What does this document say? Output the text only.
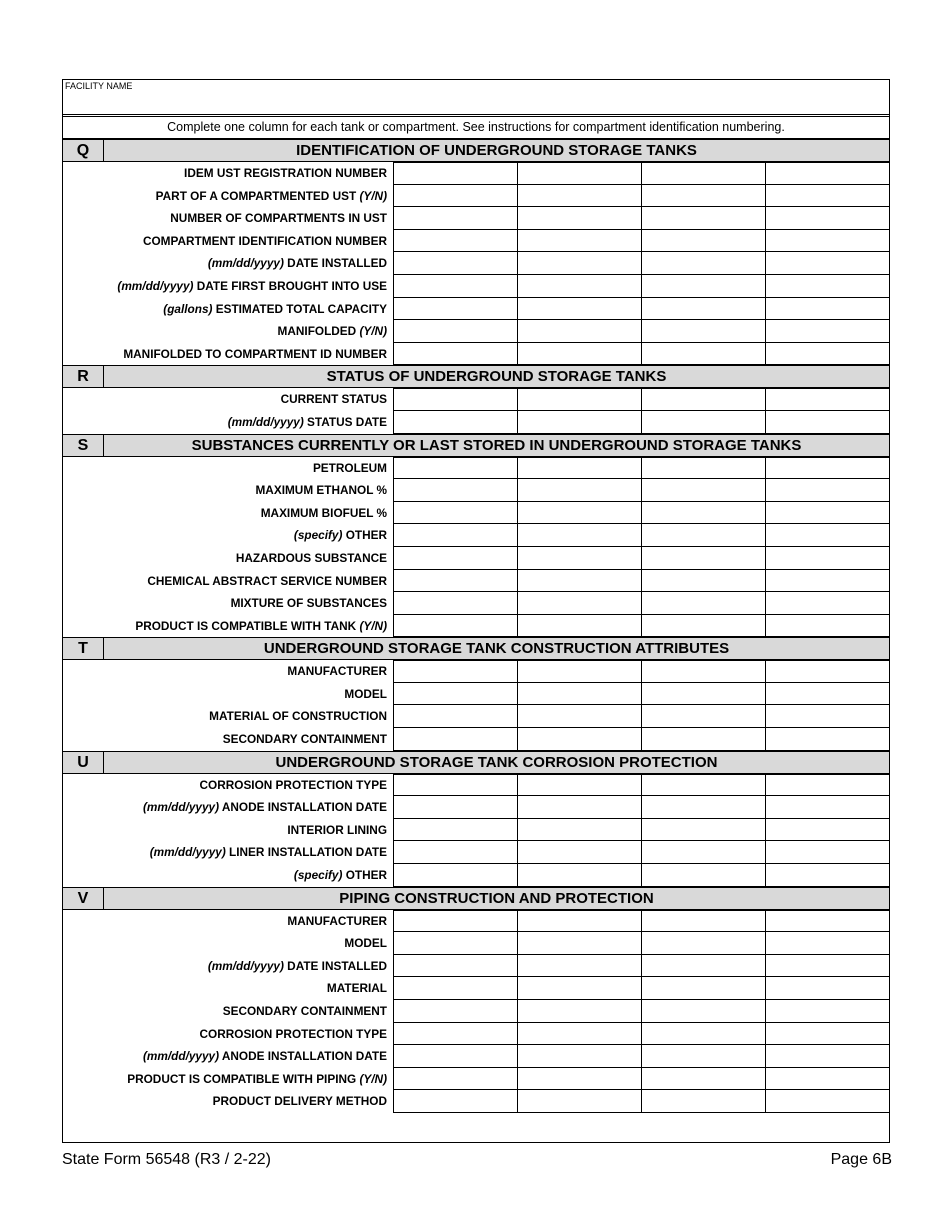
FACILITY NAME
Complete one column for each tank or compartment. See instructions for compartment identification numbering.
Q	IDENTIFICATION OF UNDERGROUND STORAGE TANKS
IDEM UST REGISTRATION NUMBER
PART OF A COMPARTMENTED UST (Y/N)
NUMBER OF COMPARTMENTS IN UST
COMPARTMENT IDENTIFICATION NUMBER
(mm/dd/yyyy) DATE INSTALLED
(mm/dd/yyyy) DATE FIRST BROUGHT INTO USE
(gallons) ESTIMATED TOTAL CAPACITY
MANIFOLDED (Y/N)
MANIFOLDED TO COMPARTMENT ID NUMBER
R	STATUS OF UNDERGROUND STORAGE TANKS
CURRENT STATUS
(mm/dd/yyyy) STATUS DATE
S	SUBSTANCES CURRENTLY OR LAST STORED IN UNDERGROUND STORAGE TANKS
PETROLEUM
MAXIMUM ETHANOL %
MAXIMUM BIOFUEL %
(specify) OTHER
HAZARDOUS SUBSTANCE
CHEMICAL ABSTRACT SERVICE NUMBER
MIXTURE OF SUBSTANCES
PRODUCT IS COMPATIBLE WITH TANK (Y/N)
T	UNDERGROUND STORAGE TANK CONSTRUCTION ATTRIBUTES
MANUFACTURER
MODEL
MATERIAL OF CONSTRUCTION
SECONDARY CONTAINMENT
U	UNDERGROUND STORAGE TANK CORROSION PROTECTION
CORROSION PROTECTION TYPE
(mm/dd/yyyy) ANODE INSTALLATION DATE
INTERIOR LINING
(mm/dd/yyyy) LINER INSTALLATION DATE
(specify) OTHER
V	PIPING CONSTRUCTION AND PROTECTION
MANUFACTURER
MODEL
(mm/dd/yyyy) DATE INSTALLED
MATERIAL
SECONDARY CONTAINMENT
CORROSION PROTECTION TYPE
(mm/dd/yyyy) ANODE INSTALLATION DATE
PRODUCT IS COMPATIBLE WITH PIPING (Y/N)
PRODUCT DELIVERY METHOD
State Form 56548 (R3 / 2-22)	Page 6B
